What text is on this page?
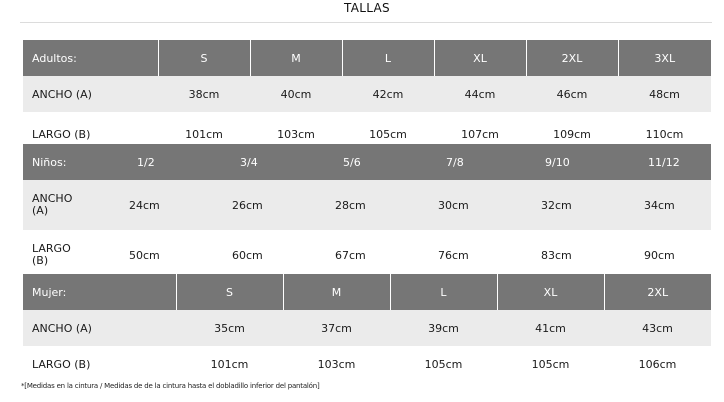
TALLAS
Adultos:	S	M	L	XL	2XL	3XL
ANCHO (A)	38cm	40cm	42cm	44cm	46cm	48cm
LARGO (B)	101cm	103cm	105cm	107cm	109cm	110cm
Niños:	1/2	3/4	5/6	7/8	9/10	11/12

ANCHO
(A)	24cm	26cm	28cm	30cm	32cm	34cm

LARGO
(B)	50cm	60cm	67cm	76cm	83cm	90cm
Mujer:	S	M	L	XL	2XL
ANCHO (A)	35cm	37cm	39cm	41cm	43cm
LARGO (B)	101cm	103cm	105cm	105cm	106cm
*[Medidas en la cintura / Medidas de de la cintura hasta el dobladillo inferior del pantalón]
